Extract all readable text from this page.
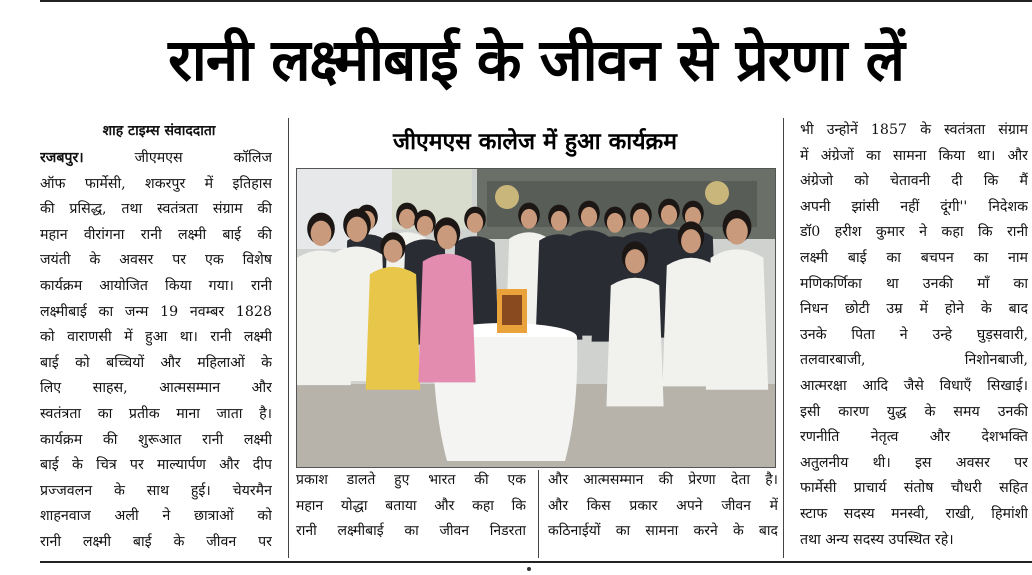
रानी लक्ष्मीबाई के जीवन से प्रेरणा लें
शाह टाइम्स संवाददाता	जीएमएस कालेज में हुआ कार्यक्रम
रजबपुर। जीएमएस कॉलिज
ऑफ फार्मेसी, शकरपुर में इतिहास
की प्रसिद्ध, तथा स्वतंत्रता संग्राम की
महान वीरांगना रानी लक्ष्मी बाई की
जयंती के अवसर पर एक विशेष
कार्यक्रम आयोजित किया गया। रानी
लक्ष्मीबाई का जन्म 19 नवम्बर 1828
को वाराणसी में हुआ था। रानी लक्ष्मी
बाई को बच्चियों और महिलाओं के
लिए साहस, आत्मसम्मान और
स्वतंत्रता का प्रतीक माना जाता है।
कार्यक्रम की शुरूआत रानी लक्ष्मी
बाई के चित्र पर माल्यार्पण और दीप
प्रज्जवलन के साथ हुई। चेयरमैन
शाहनवाज अली ने छात्राओं को
रानी लक्ष्मी बाई के जीवन पर
प्रकाश डालते हुए भारत की एक
महान योद्धा बताया और कहा कि
रानी लक्ष्मीबाई का जीवन निडरता
और आत्मसम्मान की प्रेरणा देता है।
और किस प्रकार अपने जीवन में
कठिनाईयों का सामना करने के बाद
भी उन्होनें 1857 के स्वतंत्रता संग्राम
में अंग्रेजों का सामना किया था। और
अंग्रेजो को चेतावनी दी कि मैं
अपनी झांसी नहीं दूंगी'' निदेशक
डॉ0 हरीश कुमार ने कहा कि रानी
लक्ष्मी बाई का बचपन का नाम
मणिकर्णिका था उनकी माँ का
निधन छोटी उम्र में होने के बाद
उनके पिता ने उन्हे घुड़सवारी,
तलवारबाजी, निशोनबाजी,
आत्मरक्षा आदि जैसे विधाएँ सिखाई।
इसी कारण युद्ध के समय उनकी
रणनीति नेतृत्व और देशभक्ति
अतुलनीय थी। इस अवसर पर
फार्मेसी प्राचार्य संतोष चौधरी सहित
स्टाफ सदस्य मनस्वी, राखी, हिमांशी
तथा अन्य सदस्य उपस्थित रहे।
